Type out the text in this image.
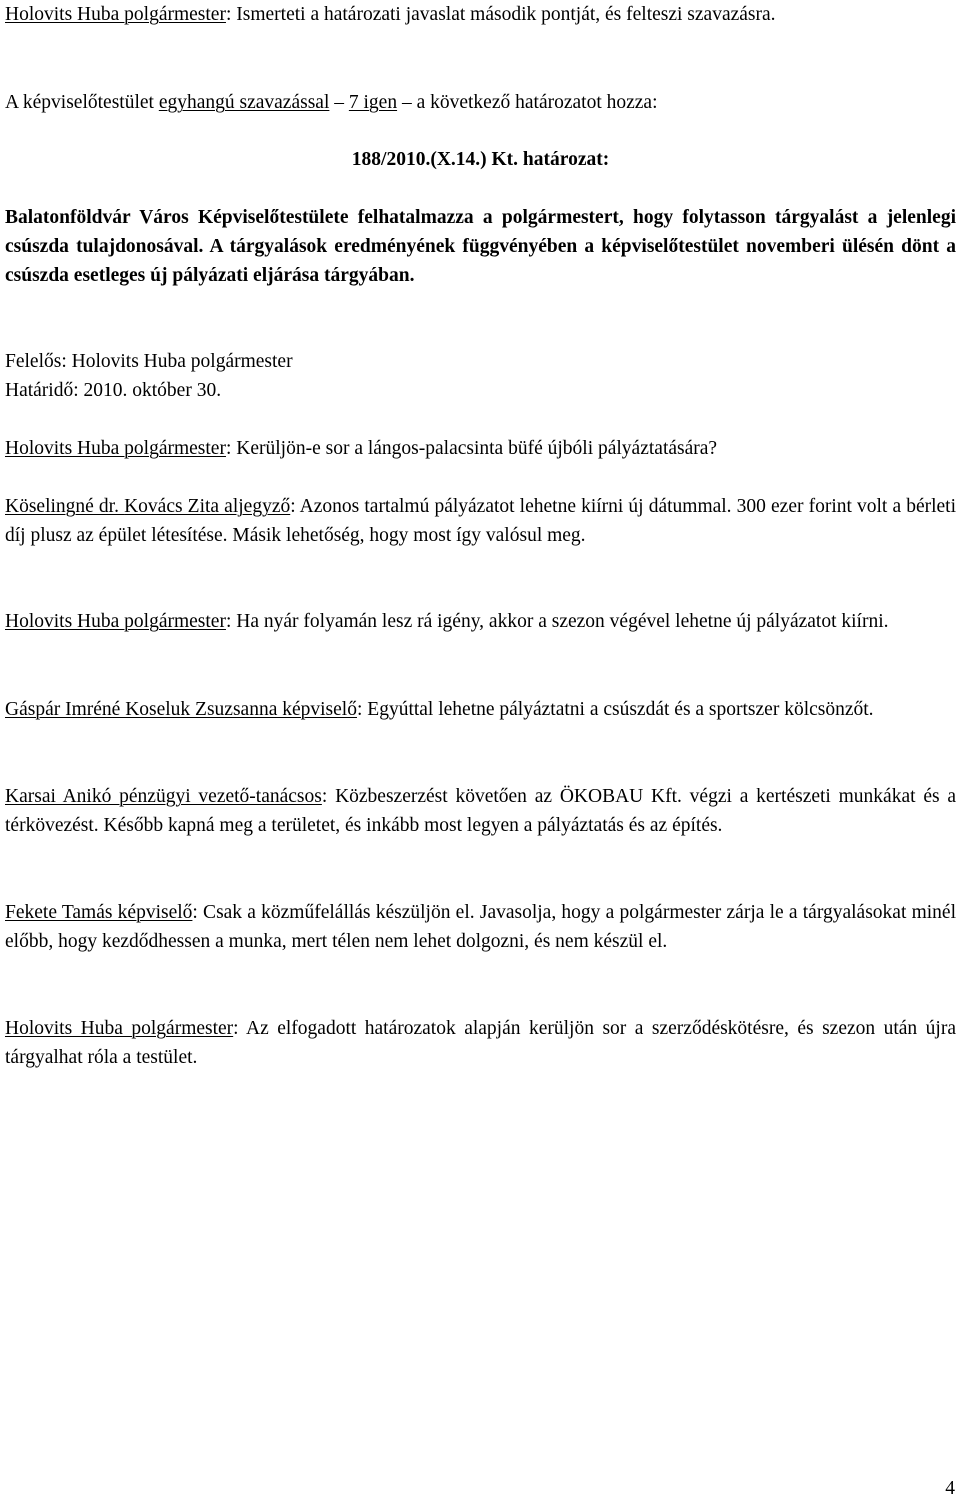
Holovits Huba polgármester: Ismerteti a határozati javaslat második pontját, és felteszi szavazásra.
A képviselőtestület egyhangú szavazással – 7 igen – a következő határozatot hozza:
188/2010.(X.14.) Kt. határozat:
Balatonföldvár Város Képviselőtestülete felhatalmazza a polgármestert, hogy folytasson tárgyalást a jelenlegi csúszda tulajdonosával. A tárgyalások eredményének függvényében a képviselőtestület novemberi ülésén dönt a csúszda esetleges új pályázati eljárása tárgyában.
Felelős: Holovits Huba polgármester
Határidő: 2010. október 30.
Holovits Huba polgármester: Kerüljön-e sor a lángos-palacsinta büfé újbóli pályáztatására?
Köselingné dr. Kovács Zita aljegyző: Azonos tartalmú pályázatot lehetne kiírni új dátummal. 300 ezer forint volt a bérleti díj plusz az épület létesítése. Másik lehetőség, hogy most így valósul meg.
Holovits Huba polgármester: Ha nyár folyamán lesz rá igény, akkor a szezon végével lehetne új pályázatot kiírni.
Gáspár Imréné Koseluk Zsuzsanna képviselő: Egyúttal lehetne pályáztatni a csúszdát és a sportszer kölcsönzőt.
Karsai Anikó pénzügyi vezető-tanácsos: Közbeszerzést követően az ÖKOBAU Kft. végzi a kertészeti munkákat és a térkövezést. Később kapná meg a területet, és inkább most legyen a pályáztatás és az építés.
Fekete Tamás képviselő: Csak a közműfelállás készüljön el. Javasolja, hogy a polgármester zárja le a tárgyalásokat minél előbb, hogy kezdődhessen a munka, mert télen nem lehet dolgozni, és nem készül el.
Holovits Huba polgármester: Az elfogadott határozatok alapján kerüljön sor a szerződéskötésre, és szezon után újra tárgyalhat róla a testület.
4
